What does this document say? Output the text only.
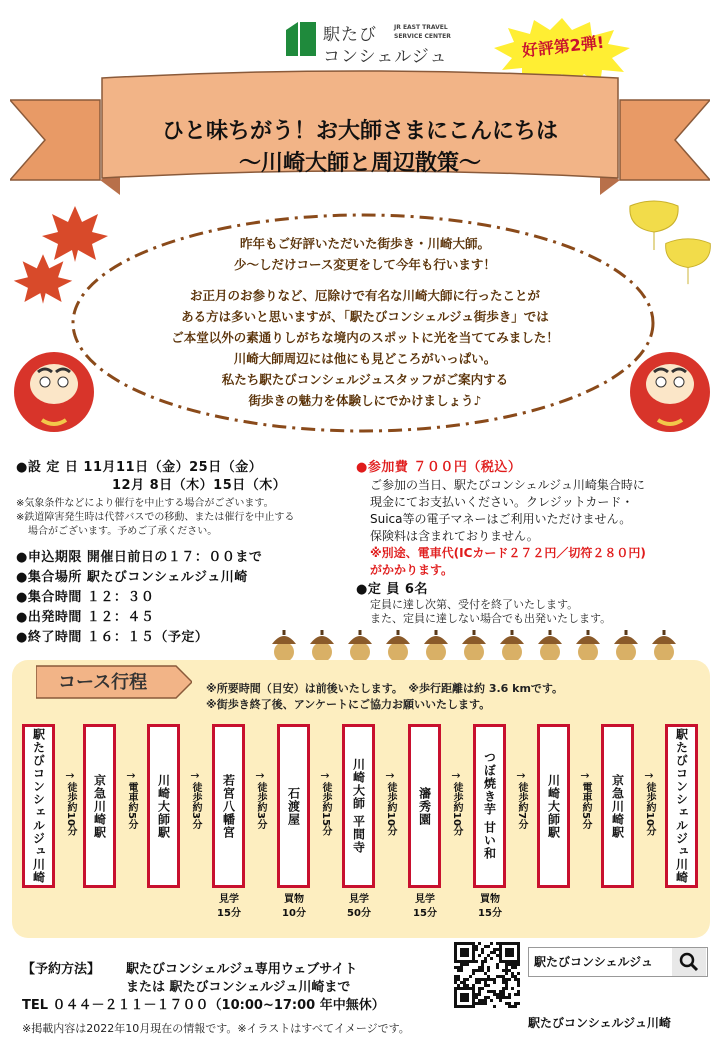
駅たび
コンシェルジュ
JR EAST TRAVEL
SERVICE CENTER	好評第2弾!
ひと味ちがう！お大師さまにこんにちは
～川崎大師と周辺散策～
昨年もご好評いただいた街歩き・川崎大師。
少～しだけコース変更をして今年も行います！
お正月のお参りなど、厄除けで有名な川崎大師に行ったことが
ある方は多いと思いますが、「駅たびコンシェルジュ街歩き」では
ご本堂以外の素通りしがちな境内のスポットに光を当ててみました！
川崎大師周辺には他にも見どころがいっぱい。
私たち駅たびコンシェルジュスタッフがご案内する
街歩きの魅力を体験しにでかけましょう♪
●設 定 日 11月11日（金）25日（金）
12月 8日（木）15日（木）
※気象条件などにより催行を中止する場合がございます。
※鉄道障害発生時は代替バスでの移動、または催行を中止する
場合がございます。予めご了承ください。
●申込期限 開催日前日の１７：００まで
●集合場所 駅たびコンシェルジュ川崎
●集合時間 １２：３０
●出発時間 １２：４５
●終了時間 １６：１５（予定）
●参加費 ７００円（税込）
ご参加の当日、駅たびコンシェルジュ川崎集合時に
現金にてお支払いください。クレジットカード・
Suica等の電子マネーはご利用いただけません。
保険料は含まれておりません。
※別途、電車代(ICカード２７２円／切符２８０円)
がかかります。
●定 員 6名
定員に達し次第、受付を終了いたします。
また、定員に達しない場合でも出発いたします。
コース行程	※所要時間（目安）は前後いたします。　※歩行距離は約 3.6 kmです。
※街歩き終了後、アンケートにご協力お願いいたします。
駅たびコンシェルジュ川崎	京急川崎駅	川崎大師駅	若宮八幡宮
見学
15分
石渡屋
買物
10分
川崎大師 平間寺
見学
50分
瀋秀園
見学
15分
つぼ焼き芋 甘い和
買物
15分
川崎大師駅	京急川崎駅	駅たびコンシェルジュ川崎
→
徒歩約10分
→
電車約5分
→
徒歩約3分
→
徒歩約3分
→
徒歩約15分
→
徒歩約10分
→
徒歩約10分
→
徒歩約7分
→
電車約5分
→
徒歩約10分
【予約方法】 駅たびコンシェルジュ専用ウェブサイト
または 駅たびコンシェルジュ川崎まで
TEL ０４４－２１１－１７００（10:00~17:00 年中無休）
※掲載内容は2022年10月現在の情報です。※イラストはすべてイメージです。
駅たびコンシェルジュ
駅たびコンシェルジュ川崎
